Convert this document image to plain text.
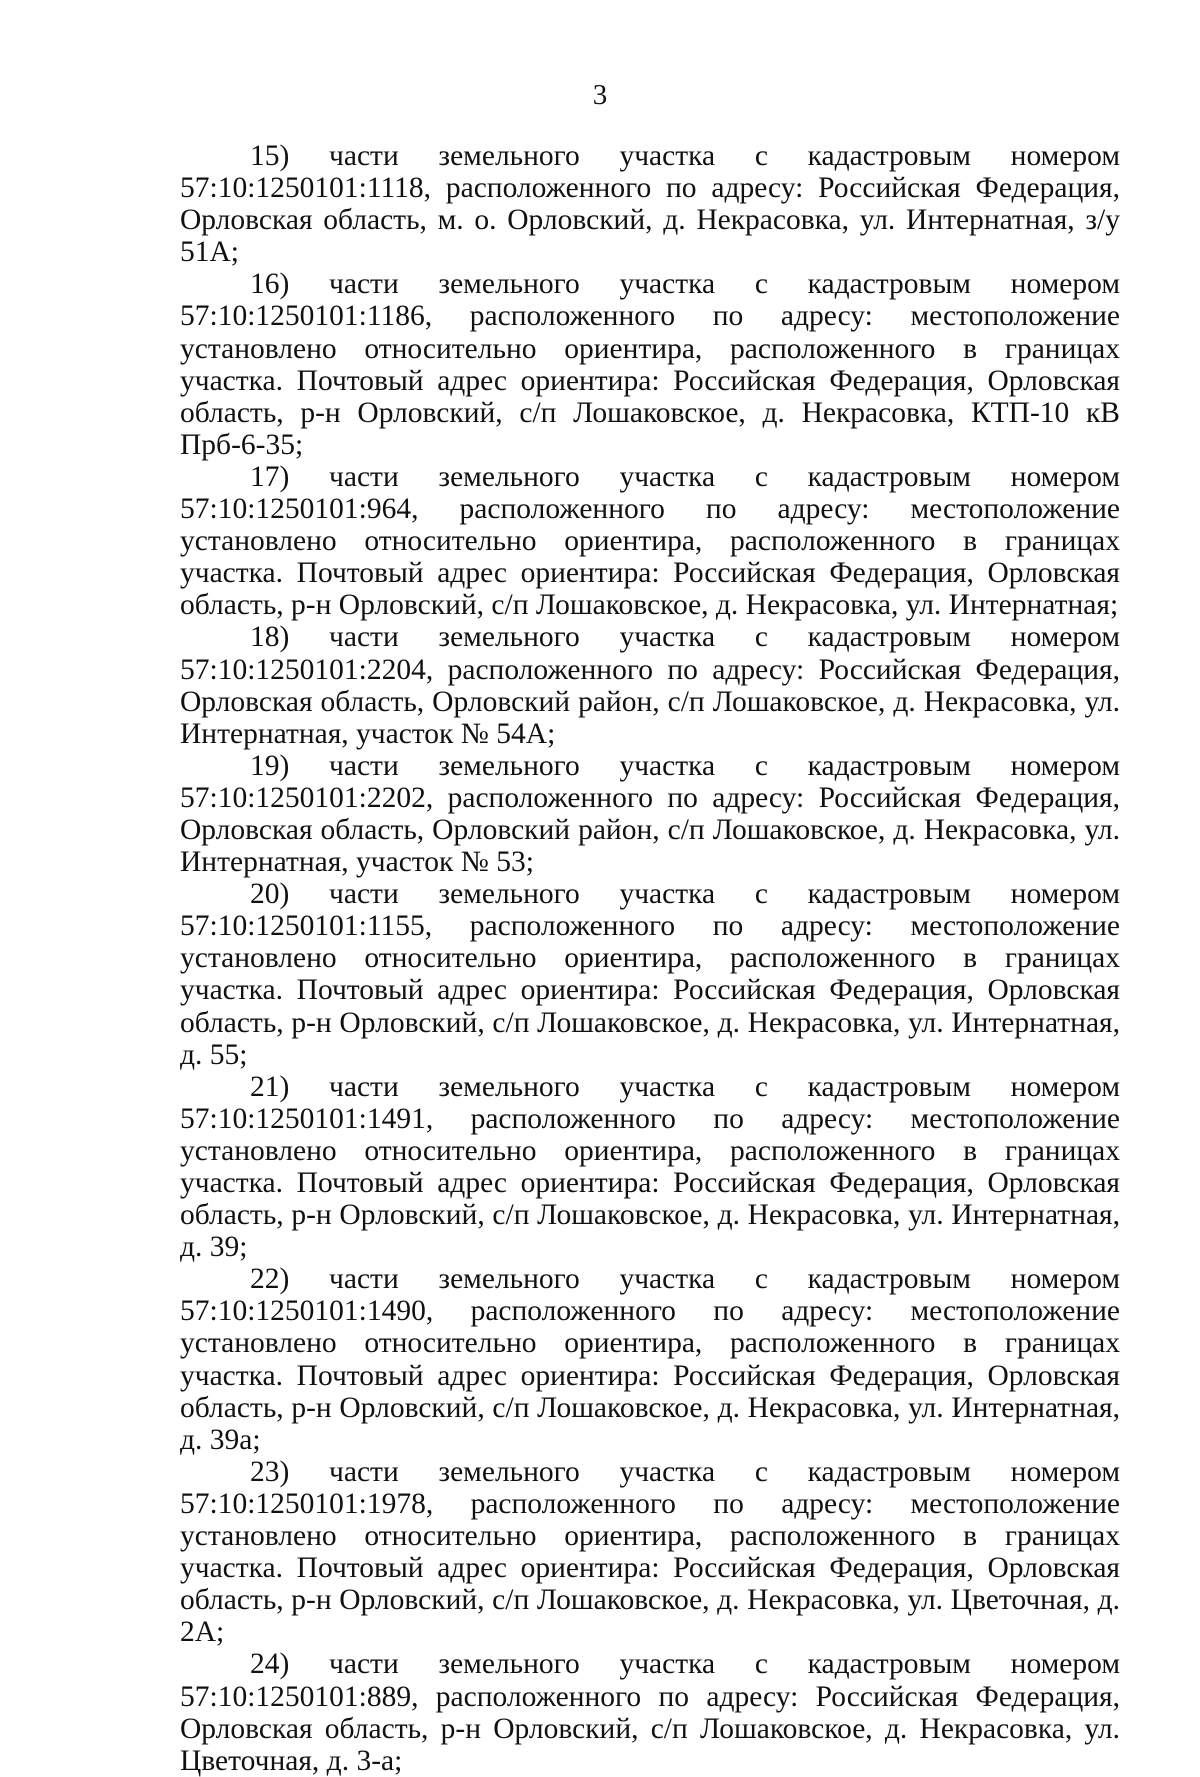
3

15) части земельного участка с кадастровым номером 57:10:1250101:1118, расположенного по адресу: Российская Федерация, Орловская область, м. о. Орловский, д. Некрасовка, ул. Интернатная, з/у 51А;

16) части земельного участка с кадастровым номером 57:10:1250101:1186, расположенного по адресу: местоположение установлено относительно ориентира, расположенного в границах участка. Почтовый адрес ориентира: Российская Федерация, Орловская область, р-н Орловский, с/п Лошаковское, д. Некрасовка, КТП-10 кВ Прб-6-35;

17) части земельного участка с кадастровым номером 57:10:1250101:964, расположенного по адресу: местоположение установлено относительно ориентира, расположенного в границах участка. Почтовый адрес ориентира: Российская Федерация, Орловская область, р-н Орловский, с/п Лошаковское, д. Некрасовка, ул. Интернатная;

18) части земельного участка с кадастровым номером 57:10:1250101:2204, расположенного по адресу: Российская Федерация, Орловская область, Орловский район, с/п Лошаковское, д. Некрасовка, ул. Интернатная, участок № 54А;

19) части земельного участка с кадастровым номером 57:10:1250101:2202, расположенного по адресу: Российская Федерация, Орловская область, Орловский район, с/п Лошаковское, д. Некрасовка, ул. Интернатная, участок № 53;

20) части земельного участка с кадастровым номером 57:10:1250101:1155, расположенного по адресу: местоположение установлено относительно ориентира, расположенного в границах участка. Почтовый адрес ориентира: Российская Федерация, Орловская область, р-н Орловский, с/п Лошаковское, д. Некрасовка, ул. Интернатная, д. 55;

21) части земельного участка с кадастровым номером 57:10:1250101:1491, расположенного по адресу: местоположение установлено относительно ориентира, расположенного в границах участка. Почтовый адрес ориентира: Российская Федерация, Орловская область, р-н Орловский, с/п Лошаковское, д. Некрасовка, ул. Интернатная, д. 39;

22) части земельного участка с кадастровым номером 57:10:1250101:1490, расположенного по адресу: местоположение установлено относительно ориентира, расположенного в границах участка. Почтовый адрес ориентира: Российская Федерация, Орловская область, р-н Орловский, с/п Лошаковское, д. Некрасовка, ул. Интернатная, д. 39а;

23) части земельного участка с кадастровым номером 57:10:1250101:1978, расположенного по адресу: местоположение установлено относительно ориентира, расположенного в границах участка. Почтовый адрес ориентира: Российская Федерация, Орловская область, р-н Орловский, с/п Лошаковское, д. Некрасовка, ул. Цветочная, д. 2А;

24) части земельного участка с кадастровым номером 57:10:1250101:889, расположенного по адресу: Российская Федерация, Орловская область, р-н Орловский, с/п Лошаковское, д. Некрасовка, ул. Цветочная, д. 3-а;
